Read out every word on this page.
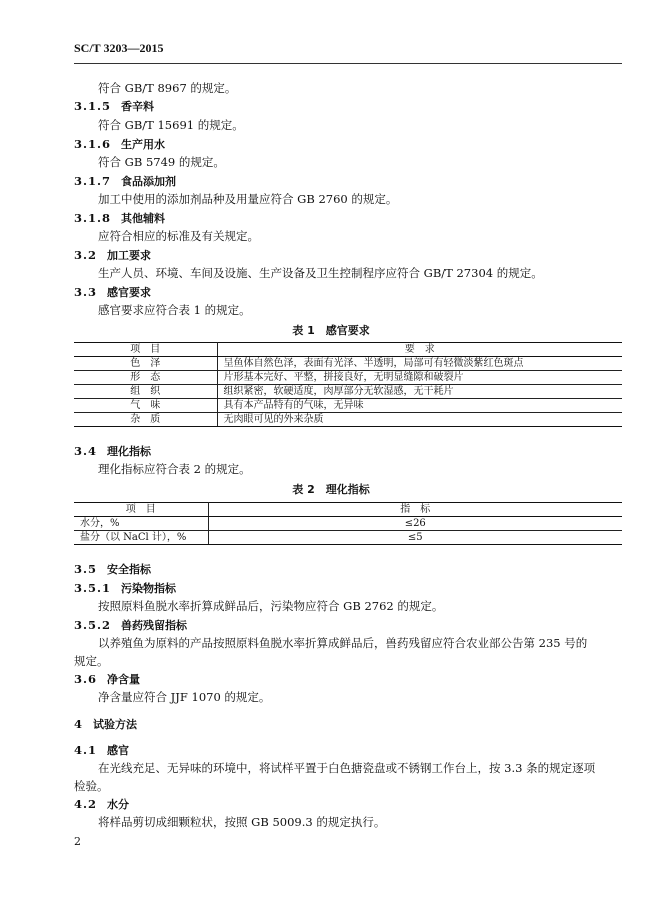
SC/T 3203—2015
符合 GB/T 8967 的规定。
3.1.5 香辛料
符合 GB/T 15691 的规定。
3.1.6 生产用水
符合 GB 5749 的规定。
3.1.7 食品添加剂
加工中使用的添加剂品种及用量应符合 GB 2760 的规定。
3.1.8 其他辅料
应符合相应的标准及有关规定。
3.2 加工要求
生产人员、环境、车间及设施、生产设备及卫生控制程序应符合 GB/T 27304 的规定。
3.3 感官要求
感官要求应符合表 1 的规定。
表 1　感官要求
项　目	要　求
色　泽	呈鱼体自然色泽，表面有光泽、半透明，局部可有轻微淡紫红色斑点
形　态	片形基本完好、平整，拼接良好，无明显缝隙和破裂片
组　织	组织紧密，软硬适度，肉厚部分无软湿感，无干耗片
气　味	具有本产品特有的气味，无异味
杂　质	无肉眼可见的外来杂质
3.4 理化指标
理化指标应符合表 2 的规定。
表 2　理化指标
项　目	指　标
水分，%	≤26
盐分（以 NaCl 计），%	≤5
3.5 安全指标
3.5.1 污染物指标
按照原料鱼脱水率折算成鲜品后，污染物应符合 GB 2762 的规定。
3.5.2 兽药残留指标
以养殖鱼为原料的产品按照原料鱼脱水率折算成鲜品后，兽药残留应符合农业部公告第 235 号的
规定。
3.6 净含量
净含量应符合 JJF 1070 的规定。
4 试验方法
4.1 感官
在光线充足、无异味的环境中，将试样平置于白色搪瓷盘或不锈钢工作台上，按 3.3 条的规定逐项
检验。
4.2 水分
将样品剪切成细颗粒状，按照 GB 5009.3 的规定执行。
2
